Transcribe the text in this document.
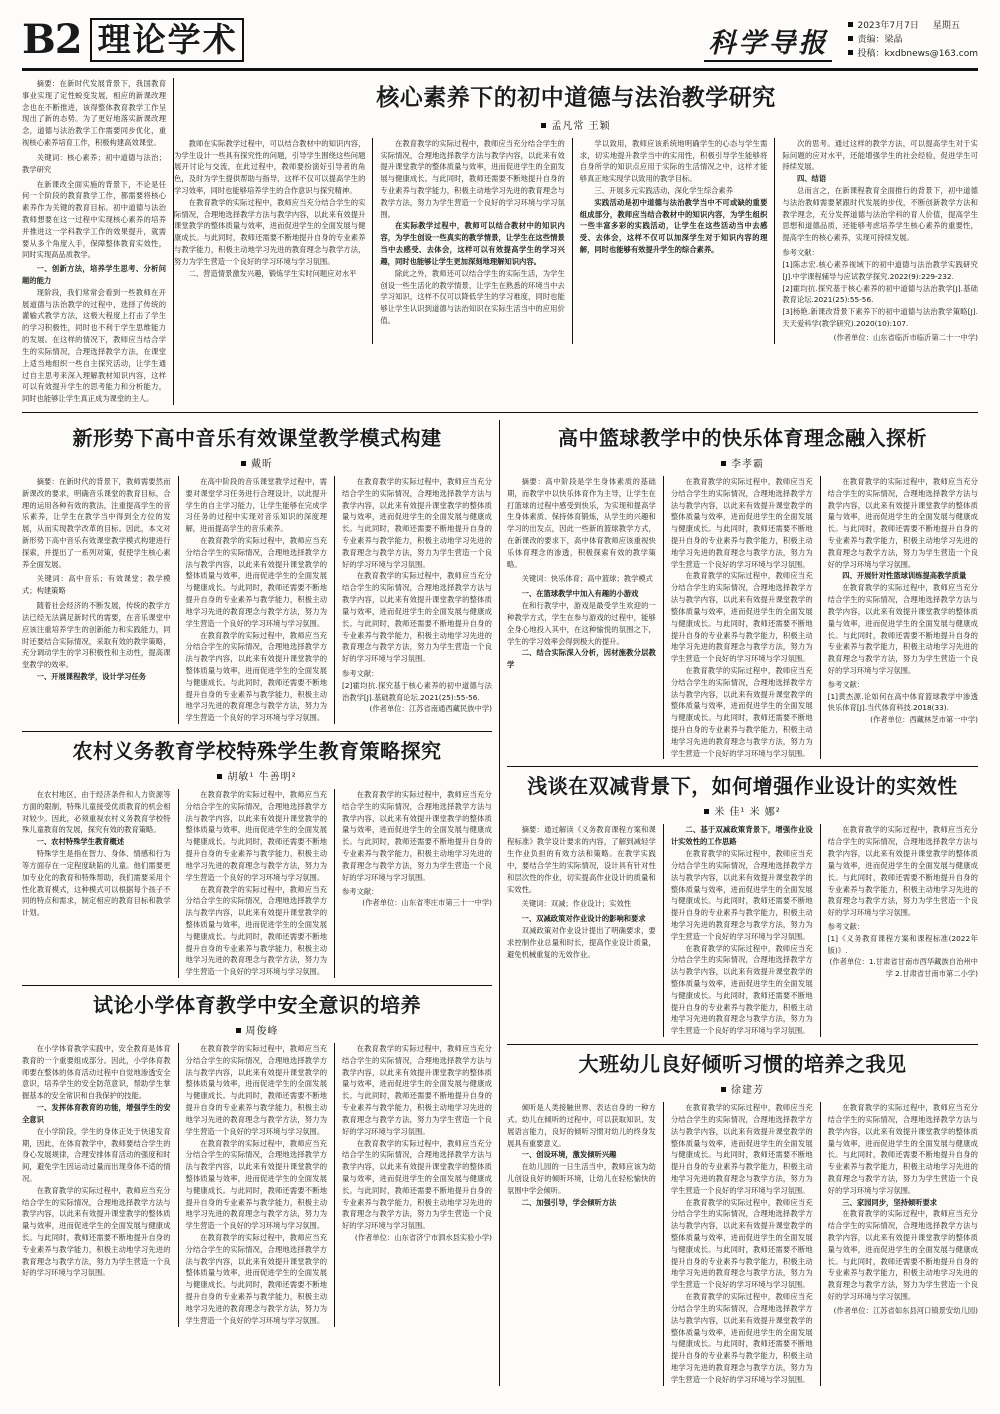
B2 理 论 学 术	科学导报
2023年7月7日 星期五
责编：梁晶
投稿：kxdbnews@163.com
摘要：在新时代发展背景下，我国教育事业实现了定性蜕变发展，相应的新课改理念也在不断推进，该得整体教育教学工作呈现出了新的态势。为了更好地落实新课改理念，道德与法治教学工作需要同步优化，重视核心素养培育工作，积极构建高效课堂。
关键词：核心素养；初中道德与法治；教学研究
在新课改全面实施的背景下，不论是任何一个阶段的教育教学工作，都需要将核心素养作为关键的教育目标。初中道德与法治教师想要在这一过程中实现核心素养的培养并推进这一学科教学工作的效果提升，就需要从多个角度入手，保障整体教育实效性，同时实现高品质教学。
一、创新方法，培养学生思考、分析问题的能力
现阶段，我们常常会看到一些教师在开展道德与法治教学的过程中，选择了传统的灌输式教学方法，这极大程度上打击了学生的学习积极性，同时也不利于学生思维能力的发展。在这样的情况下，教师应当结合学生的实际情况，合理选择教学方法，在课堂上适当地组织一些自主探究活动，让学生通过自主思考来深入理解教材知识内容，这样可以有效提升学生的思考能力和分析能力，同时也能够让学生真正成为课堂的主人。
核心素养下的初中道德与法治教学研究
孟凡常 王颖
教师在实际教学过程中，可以结合教材中的知识内容，为学生设计一些具有探究性的问题，引导学生围绕这些问题展开讨论与交流，在此过程中，教师要扮演好引导者的角色，及时为学生提供帮助与指导，这样不仅可以提高学生的学习效率，同时也能够培养学生的合作意识与探究精神。
在教育教学的实际过程中，教师应当充分结合学生的实际情况，合理地选择教学方法与教学内容，以此来有效提升课堂教学的整体质量与效率，进而促进学生的全面发展与健康成长。与此同时，教师还需要不断地提升自身的专业素养与教学能力，积极主动地学习先进的教育理念与教学方法，努力为学生营造一个良好的学习环境与学习氛围。
二、营造情景激发兴趣，锻炼学生实时问题应对水平
在教育教学的实际过程中，教师应当充分结合学生的实际情况，合理地选择教学方法与教学内容，以此来有效提升课堂教学的整体质量与效率，进而促进学生的全面发展与健康成长。与此同时，教师还需要不断地提升自身的专业素养与教学能力，积极主动地学习先进的教育理念与教学方法，努力为学生营造一个良好的学习环境与学习氛围。
在实际教学过程中，教师可以结合教材中的知识内容，为学生创设一些真实的教学情景，让学生在这些情景当中去感受、去体会，这样可以有效提高学生的学习兴趣，同时也能够让学生更加深刻地理解知识内容。
除此之外，教师还可以结合学生的实际生活，为学生创设一些生活化的教学情景，让学生在熟悉的环境当中去学习知识，这样不仅可以降低学生的学习难度，同时也能够让学生认识到道德与法治知识在实际生活当中的应用价值。
学以致用，教师应该系统地明确学生的心态与学生需求，切实地提升教学当中的实用性，积极引导学生能够将自身所学的知识点应用于实际的生活情况之中，这样才能够真正地实现学以致用的教学目标。
三、开展多元实践活动，深化学生综合素养
实践活动是初中道德与法治教学当中不可或缺的重要组成部分，教师应当结合教材中的知识内容，为学生组织一些丰富多彩的实践活动，让学生在这些活动当中去感受、去体会，这样不仅可以加深学生对于知识内容的理解，同时也能够有效提升学生的综合素养。
次的思考。通过这样的教学方法，可以提高学生对于实际问题的应对水平，还能增强学生的社会经验，促进学生可持续发展。
四、结语
总而言之，在新课程教育全面推行的背景下，初中道德与法治教师需要紧跟时代发展的步伐，不断创新教学方法和教学理念，充分发挥道德与法治学科的育人价值，提高学生思想和道德品质，还能够考虑培养学生核心素养的重要性，提高学生的核心素养，实现可持续发展。
参考文献：
[1]陈志宏.核心素养视域下的初中道德与法治教学实践研究[J].中学课程辅导与应试教学探究.2022(9):229-232.
[2]霍均抗.探究基于核心素养的初中道德与法治教学[J].基础教育论坛.2021(25):55-56.
[3]杨艳.新课改背景下素养下的初中道德与法治教学策略[J].天天爱科学(教学研究).2020(10):107.
(作者单位：山东省临沂市临沂第二十一中学)
新形势下高中音乐有效课堂教学模式构建
戴昕
摘要：在新时代的背景下，教师需要然而新课改的要求，明确音乐课堂的教育目标，合理的运用各种有效的教法，注重提高学生的音乐素养，让学生在教学当中得到全方位的发展，从而实现教学改革的目标。因此，本文对新形势下高中音乐有效课堂教学模式构建进行探索，并提出了一系列对策，促使学生核心素养全面发展。
关键词：高中音乐；有效课堂；教学模式；构建策略
随着社会经济的不断发展，传统的教学方法已经无法满足新时代的需要，在音乐课堂中应该注重培养学生的创新能力和实践能力，同时还要结合实际情况，采取有效的教学策略，充分调动学生的学习积极性和主动性，提高课堂教学的效率。
一、开展课程教学，设计学习任务
在高中阶段的音乐课堂教学过程中，需要对课堂学习任务进行合理设计，以此提升学生的自主学习能力，让学生能够在完成学习任务的过程中实现对音乐知识的深度理解，进而提高学生的音乐素养。
在教育教学的实际过程中，教师应当充分结合学生的实际情况，合理地选择教学方法与教学内容，以此来有效提升课堂教学的整体质量与效率，进而促进学生的全面发展与健康成长。与此同时，教师还需要不断地提升自身的专业素养与教学能力，积极主动地学习先进的教育理念与教学方法，努力为学生营造一个良好的学习环境与学习氛围。
在教育教学的实际过程中，教师应当充分结合学生的实际情况，合理地选择教学方法与教学内容，以此来有效提升课堂教学的整体质量与效率，进而促进学生的全面发展与健康成长。与此同时，教师还需要不断地提升自身的专业素养与教学能力，积极主动地学习先进的教育理念与教学方法，努力为学生营造一个良好的学习环境与学习氛围。
在教育教学的实际过程中，教师应当充分结合学生的实际情况，合理地选择教学方法与教学内容，以此来有效提升课堂教学的整体质量与效率，进而促进学生的全面发展与健康成长。与此同时，教师还需要不断地提升自身的专业素养与教学能力，积极主动地学习先进的教育理念与教学方法，努力为学生营造一个良好的学习环境与学习氛围。
在教育教学的实际过程中，教师应当充分结合学生的实际情况，合理地选择教学方法与教学内容，以此来有效提升课堂教学的整体质量与效率，进而促进学生的全面发展与健康成长。与此同时，教师还需要不断地提升自身的专业素养与教学能力，积极主动地学习先进的教育理念与教学方法，努力为学生营造一个良好的学习环境与学习氛围。
参考文献：
[2]霍均抗.探究基于核心素养的初中道德与法治教学[J].基础教育论坛.2021(25):55-56.
(作者单位：江苏省南通西藏民族中学)
农村义务教育学校特殊学生教育策略探究
胡敏¹ 牛善明²
在农村地区，由于经济条件和人力资源等方面的限制，特殊儿童接受优质教育的机会相对较少。因此，必须重视农村义务教育学校特殊儿童教育的发展，探究有效的教育策略。
一、农村特殊学生教育概述
特殊学生是指在智力、身体、情感和行为等方面存在一定程度缺陷的儿童。他们需要更加专业化的教育和特殊帮助，我们需要采用个性化教育模式，这种模式可以根据每个孩子不同的特点和需求，制定相应的教育目标和教学计划。
在教育教学的实际过程中，教师应当充分结合学生的实际情况，合理地选择教学方法与教学内容，以此来有效提升课堂教学的整体质量与效率，进而促进学生的全面发展与健康成长。与此同时，教师还需要不断地提升自身的专业素养与教学能力，积极主动地学习先进的教育理念与教学方法，努力为学生营造一个良好的学习环境与学习氛围。
在教育教学的实际过程中，教师应当充分结合学生的实际情况，合理地选择教学方法与教学内容，以此来有效提升课堂教学的整体质量与效率，进而促进学生的全面发展与健康成长。与此同时，教师还需要不断地提升自身的专业素养与教学能力，积极主动地学习先进的教育理念与教学方法，努力为学生营造一个良好的学习环境与学习氛围。
在教育教学的实际过程中，教师应当充分结合学生的实际情况，合理地选择教学方法与教学内容，以此来有效提升课堂教学的整体质量与效率，进而促进学生的全面发展与健康成长。与此同时，教师还需要不断地提升自身的专业素养与教学能力，积极主动地学习先进的教育理念与教学方法，努力为学生营造一个良好的学习环境与学习氛围。
参考文献：
(作者单位：山东省枣庄市第三十一中学)
试论小学体育教学中安全意识的培养
周俊峰
在小学体育教学实践中，安全教育是体育教育的一个重要组成部分。因此，小学体育教师要在整体的体育活动过程中自觉地渗透安全意识，培养学生的安全防范意识，帮助学生掌握基本的安全常识和自我保护的技能。
一、发挥体育教育的功能，增强学生的安全意识
在小学阶段，学生的身体正处于快速发育期，因此，在体育教学中，教师要结合学生的身心发展规律，合理安排体育活动的强度和时间，避免学生因运动过量而出现身体不适的情况。
在教育教学的实际过程中，教师应当充分结合学生的实际情况，合理地选择教学方法与教学内容，以此来有效提升课堂教学的整体质量与效率，进而促进学生的全面发展与健康成长。与此同时，教师还需要不断地提升自身的专业素养与教学能力，积极主动地学习先进的教育理念与教学方法，努力为学生营造一个良好的学习环境与学习氛围。
在教育教学的实际过程中，教师应当充分结合学生的实际情况，合理地选择教学方法与教学内容，以此来有效提升课堂教学的整体质量与效率，进而促进学生的全面发展与健康成长。与此同时，教师还需要不断地提升自身的专业素养与教学能力，积极主动地学习先进的教育理念与教学方法，努力为学生营造一个良好的学习环境与学习氛围。
在教育教学的实际过程中，教师应当充分结合学生的实际情况，合理地选择教学方法与教学内容，以此来有效提升课堂教学的整体质量与效率，进而促进学生的全面发展与健康成长。与此同时，教师还需要不断地提升自身的专业素养与教学能力，积极主动地学习先进的教育理念与教学方法，努力为学生营造一个良好的学习环境与学习氛围。
在教育教学的实际过程中，教师应当充分结合学生的实际情况，合理地选择教学方法与教学内容，以此来有效提升课堂教学的整体质量与效率，进而促进学生的全面发展与健康成长。与此同时，教师还需要不断地提升自身的专业素养与教学能力，积极主动地学习先进的教育理念与教学方法，努力为学生营造一个良好的学习环境与学习氛围。
在教育教学的实际过程中，教师应当充分结合学生的实际情况，合理地选择教学方法与教学内容，以此来有效提升课堂教学的整体质量与效率，进而促进学生的全面发展与健康成长。与此同时，教师还需要不断地提升自身的专业素养与教学能力，积极主动地学习先进的教育理念与教学方法，努力为学生营造一个良好的学习环境与学习氛围。
在教育教学的实际过程中，教师应当充分结合学生的实际情况，合理地选择教学方法与教学内容，以此来有效提升课堂教学的整体质量与效率，进而促进学生的全面发展与健康成长。与此同时，教师还需要不断地提升自身的专业素养与教学能力，积极主动地学习先进的教育理念与教学方法，努力为学生营造一个良好的学习环境与学习氛围。
(作者单位：山东省济宁市泗水县实验小学)
高中篮球教学中的快乐体育理念融入探析
李孝霸
摘要：高中阶段是学生身体素质的基础期，而教学中以快乐体育作为主导，让学生在打篮球的过程中感受到快乐，为实现和提高学生身体素质、保持体育锻炼，从学生的兴趣和学习的出发点，因此一些新的篮球教学方式，在新课改的要求下，高中体育教师应该重视快乐体育理念的渗透，积极探索有效的教学策略。
关键词：快乐体育；高中篮球；教学模式
一、在篮球教学中加入有趣的小游戏
在和行教学中，游戏是最受学生欢迎的一种教学方式，学生在参与游戏的过程中，能够全身心地投入其中，在这种愉悦的氛围之下，学生的学习效率会得到极大的提升。
二、结合实际深入分析，因材施教分层教学
在教育教学的实际过程中，教师应当充分结合学生的实际情况，合理地选择教学方法与教学内容，以此来有效提升课堂教学的整体质量与效率，进而促进学生的全面发展与健康成长。与此同时，教师还需要不断地提升自身的专业素养与教学能力，积极主动地学习先进的教育理念与教学方法，努力为学生营造一个良好的学习环境与学习氛围。
在教育教学的实际过程中，教师应当充分结合学生的实际情况，合理地选择教学方法与教学内容，以此来有效提升课堂教学的整体质量与效率，进而促进学生的全面发展与健康成长。与此同时，教师还需要不断地提升自身的专业素养与教学能力，积极主动地学习先进的教育理念与教学方法，努力为学生营造一个良好的学习环境与学习氛围。
在教育教学的实际过程中，教师应当充分结合学生的实际情况，合理地选择教学方法与教学内容，以此来有效提升课堂教学的整体质量与效率，进而促进学生的全面发展与健康成长。与此同时，教师还需要不断地提升自身的专业素养与教学能力，积极主动地学习先进的教育理念与教学方法，努力为学生营造一个良好的学习环境与学习氛围。
在教育教学的实际过程中，教师应当充分结合学生的实际情况，合理地选择教学方法与教学内容，以此来有效提升课堂教学的整体质量与效率，进而促进学生的全面发展与健康成长。与此同时，教师还需要不断地提升自身的专业素养与教学能力，积极主动地学习先进的教育理念与教学方法，努力为学生营造一个良好的学习环境与学习氛围。
四、开展针对性篮球训练提高教学质量
在教育教学的实际过程中，教师应当充分结合学生的实际情况，合理地选择教学方法与教学内容，以此来有效提升课堂教学的整体质量与效率，进而促进学生的全面发展与健康成长。与此同时，教师还需要不断地提升自身的专业素养与教学能力，积极主动地学习先进的教育理念与教学方法，努力为学生营造一个良好的学习环境与学习氛围。
参考文献：
[1]黄杰源.论如何在高中体育篮球教学中渗透快乐体育[J].当代体育科技.2018(33).
(作者单位：西藏林芝市第一中学)
浅谈在双减背景下，如何增强作业设计的实效性
米 佳¹ 米 娜²
摘要：通过解读《义务教育课程方案和课程标准》教学设计要求的内容，了解到减轻学生作业负担的有效方法和策略。在教学实践中，要结合学生的实际情况，设计具有针对性和层次性的作业，切实提高作业设计的质量和实效性。
关键词：双减；作业设计；实效性
一、双减政策对作业设计的影响和要求
双减政策对作业设计提出了明确要求，要求控制作业总量和时长，提高作业设计质量，避免机械重复的无效作业。
二、基于双减政策背景下，增强作业设计实效性的工作思路
在教育教学的实际过程中，教师应当充分结合学生的实际情况，合理地选择教学方法与教学内容，以此来有效提升课堂教学的整体质量与效率，进而促进学生的全面发展与健康成长。与此同时，教师还需要不断地提升自身的专业素养与教学能力，积极主动地学习先进的教育理念与教学方法，努力为学生营造一个良好的学习环境与学习氛围。
在教育教学的实际过程中，教师应当充分结合学生的实际情况，合理地选择教学方法与教学内容，以此来有效提升课堂教学的整体质量与效率，进而促进学生的全面发展与健康成长。与此同时，教师还需要不断地提升自身的专业素养与教学能力，积极主动地学习先进的教育理念与教学方法，努力为学生营造一个良好的学习环境与学习氛围。
在教育教学的实际过程中，教师应当充分结合学生的实际情况，合理地选择教学方法与教学内容，以此来有效提升课堂教学的整体质量与效率，进而促进学生的全面发展与健康成长。与此同时，教师还需要不断地提升自身的专业素养与教学能力，积极主动地学习先进的教育理念与教学方法，努力为学生营造一个良好的学习环境与学习氛围。
参考文献：
[1]《义务教育课程方案和课程标准(2022年版)》.
(作者单位：1.甘肃省甘南市西华藏族自治州中学 2.甘肃省甘南市第二小学)
大班幼儿良好倾听习惯的培养之我见
徐建芳
倾听是人类接触世界、表达自身的一种方式。幼儿在倾听的过程中，可以获取知识、发展语言能力，良好的倾听习惯对幼儿的终身发展具有重要意义。
一、创设环境，激发倾听兴趣
在幼儿园的一日生活当中，教师应该为幼儿创设良好的倾听环境，让幼儿在轻松愉快的氛围中学会倾听。
二、加强引导，学会倾听方法
在教育教学的实际过程中，教师应当充分结合学生的实际情况，合理地选择教学方法与教学内容，以此来有效提升课堂教学的整体质量与效率，进而促进学生的全面发展与健康成长。与此同时，教师还需要不断地提升自身的专业素养与教学能力，积极主动地学习先进的教育理念与教学方法，努力为学生营造一个良好的学习环境与学习氛围。
在教育教学的实际过程中，教师应当充分结合学生的实际情况，合理地选择教学方法与教学内容，以此来有效提升课堂教学的整体质量与效率，进而促进学生的全面发展与健康成长。与此同时，教师还需要不断地提升自身的专业素养与教学能力，积极主动地学习先进的教育理念与教学方法，努力为学生营造一个良好的学习环境与学习氛围。
在教育教学的实际过程中，教师应当充分结合学生的实际情况，合理地选择教学方法与教学内容，以此来有效提升课堂教学的整体质量与效率，进而促进学生的全面发展与健康成长。与此同时，教师还需要不断地提升自身的专业素养与教学能力，积极主动地学习先进的教育理念与教学方法，努力为学生营造一个良好的学习环境与学习氛围。
在教育教学的实际过程中，教师应当充分结合学生的实际情况，合理地选择教学方法与教学内容，以此来有效提升课堂教学的整体质量与效率，进而促进学生的全面发展与健康成长。与此同时，教师还需要不断地提升自身的专业素养与教学能力，积极主动地学习先进的教育理念与教学方法，努力为学生营造一个良好的学习环境与学习氛围。
三、家园同步，坚持倾听要求
在教育教学的实际过程中，教师应当充分结合学生的实际情况，合理地选择教学方法与教学内容，以此来有效提升课堂教学的整体质量与效率，进而促进学生的全面发展与健康成长。与此同时，教师还需要不断地提升自身的专业素养与教学能力，积极主动地学习先进的教育理念与教学方法，努力为学生营造一个良好的学习环境与学习氛围。
(作者单位：江苏省如东县河口镇景安幼儿园)
